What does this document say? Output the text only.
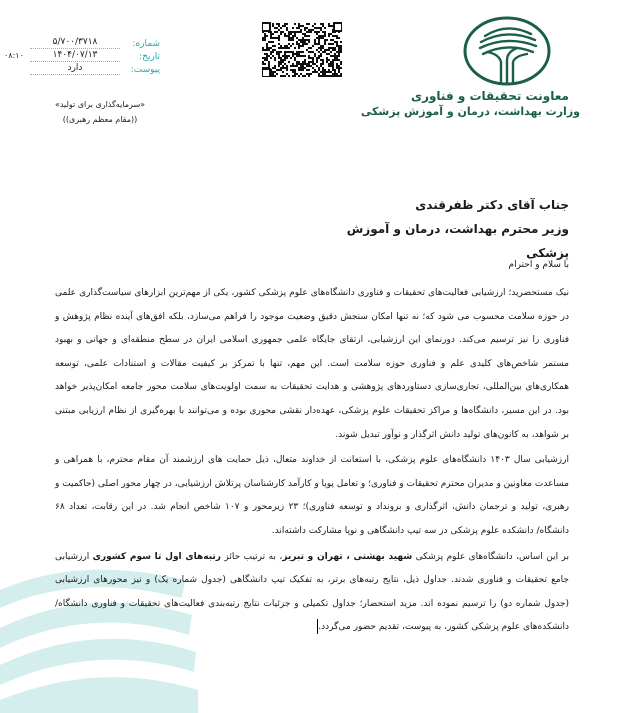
معاونت تحقیقات و فناوری
وزارت بهداشت، درمان و آموزش پزشکی
شماره:
۵/۷۰۰/۳۷۱۸
تاریخ:
۱۴۰۴/۰۷/۱۳
۰۸:۱۰
پیوست:
دارد
«سرمایه‌گذاری برای تولید»
((مقام معظم رهبری))
جناب آقای دکتر ظفرقندی
وزیر محترم بهداشت، درمان و آموزش پزشکی
با سلام و احترام

نیک مستحضرید؛ ارزشیابی فعالیت‌های تحقیقات و فناوری دانشگاه‌های علوم پزشکی کشور، یکی از مهم‌ترین ابزارهای سیاست‌گذاری علمی در حوزه سلامت محسوب می شود که؛ نه تنها امکان سنجش دقیق وضعیت موجود را فراهم می‌سازد، بلکه افق‌های آینده نظام پژوهش و فناوری را نیز ترسیم می‌کند. دورنمای این ارزشیابی، ارتقای جایگاه علمی جمهوری اسلامی ایران در سطح منطقه‌ای و جهانی و بهبود مستمر شاخص‌های کلیدی علم و فناوری حوزه سلامت است. این مهم، تنها با تمرکز بر کیفیت مقالات و استنادات علمی، توسعه همکاری‌های بین‌المللی، تجاری‌سازی دستاوردهای پژوهشی و هدایت تحقیقات به سمت اولویت‌های سلامت محور جامعه امکان‌پذیر خواهد بود. در این مسیر، دانشگاه‌ها و مراکز تحقیقات علوم پزشکی، عهده‌دار نقشی محوری بوده و می‌توانند با بهره‌گیری از نظام ارزیابی مبتنی بر شواهد، به کانون‌های تولید دانش اثرگذار و نوآور تبدیل شوند.

ارزشیابی سال ۱۴۰۳ دانشگاه‌های علوم پزشکی، با استعانت از خداوند متعال، ذیل حمایت های ارزشمند آن مقام محترم، با همراهی و مساعدت معاونین و مدیران محترم تحقیقات و فناوری؛ و تعامل پویا و کارآمد کارشناسان پرتلاش ارزشیابی، در چهار محور اصلی (حاکمیت و رهبری، تولید و ترجمان دانش، اثرگذاری و برونداد و توسعه فناوری)؛ ۲۳ زیرمحور و ۱۰۷ شاخص انجام شد. در این رقابت، تعداد ۶۸ دانشگاه/ دانشکده علوم پزشکی در سه تیپ دانشگاهی و نوپا مشارکت داشته‌اند.

بر این اساس، دانشگاه‌های علوم پزشکی شهید بهشتی ، تهران و تبریز، به ترتیب حائز رتبه‌های اول تا سوم کشوری ارزشیابی جامع تحقیقات و فناوری شدند. جداول ذیل، نتایج رتبه‌های برتر، به تفکیک تیپ دانشگاهی (جدول شماره یک) و نیز محورهای ارزشیابی (جدول شماره دو) را ترسیم نموده اند. مزید استحضار؛ جداول تکمیلی و جزئیات نتایج رتبه‌بندی فعالیت‌های تحقیقات و فناوری دانشگاه/ دانشکده‌های علوم پزشکی کشور، به پیوست، تقدیم حضور می‌گردد.
